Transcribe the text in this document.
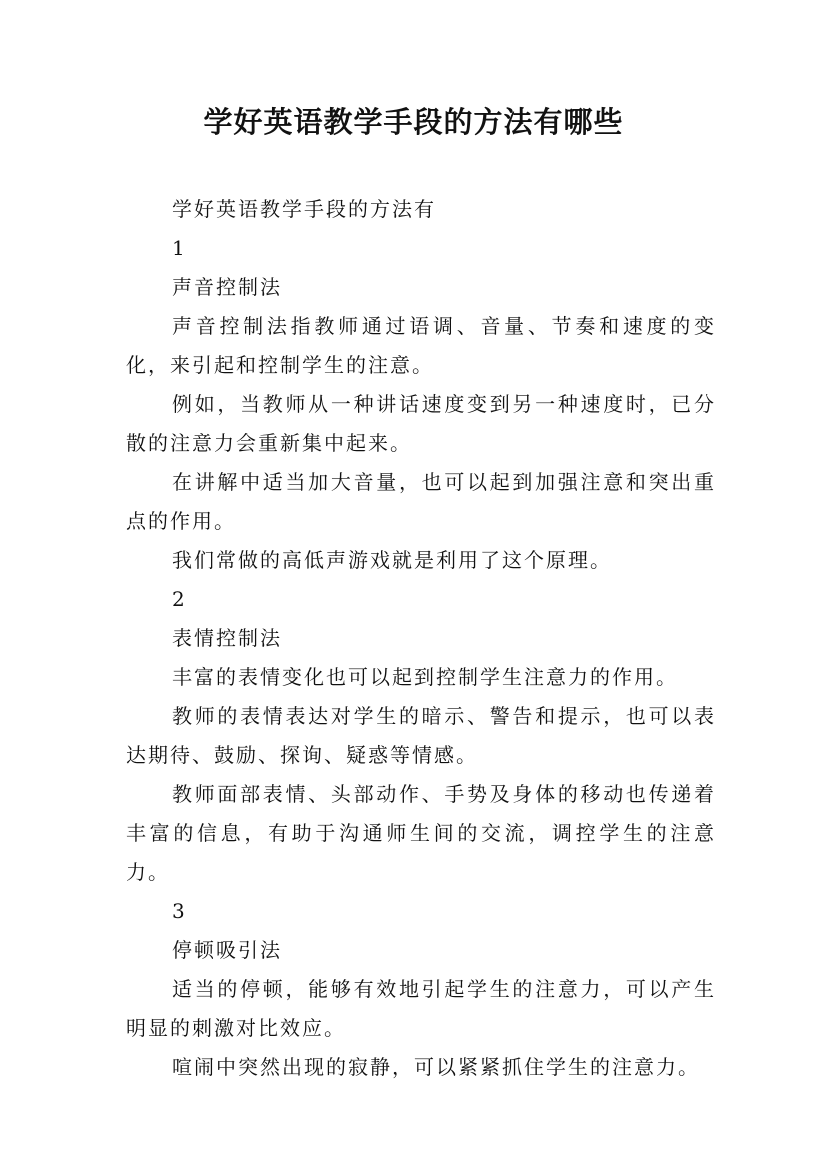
学好英语教学手段的方法有哪些

学好英语教学手段的方法有

1

声音控制法

声音控制法指教师通过语调、音量、节奏和速度的变化，来引起和控制学生的注意。

例如，当教师从一种讲话速度变到另一种速度时，已分散的注意力会重新集中起来。

在讲解中适当加大音量，也可以起到加强注意和突出重点的作用。

我们常做的高低声游戏就是利用了这个原理。

2

表情控制法

丰富的表情变化也可以起到控制学生注意力的作用。

教师的表情表达对学生的暗示、警告和提示，也可以表达期待、鼓励、探询、疑惑等情感。

教师面部表情、头部动作、手势及身体的移动也传递着丰富的信息，有助于沟通师生间的交流，调控学生的注意力。

3

停顿吸引法

适当的停顿，能够有效地引起学生的注意力，可以产生明显的刺激对比效应。

喧闹中突然出现的寂静，可以紧紧抓住学生的注意力。
